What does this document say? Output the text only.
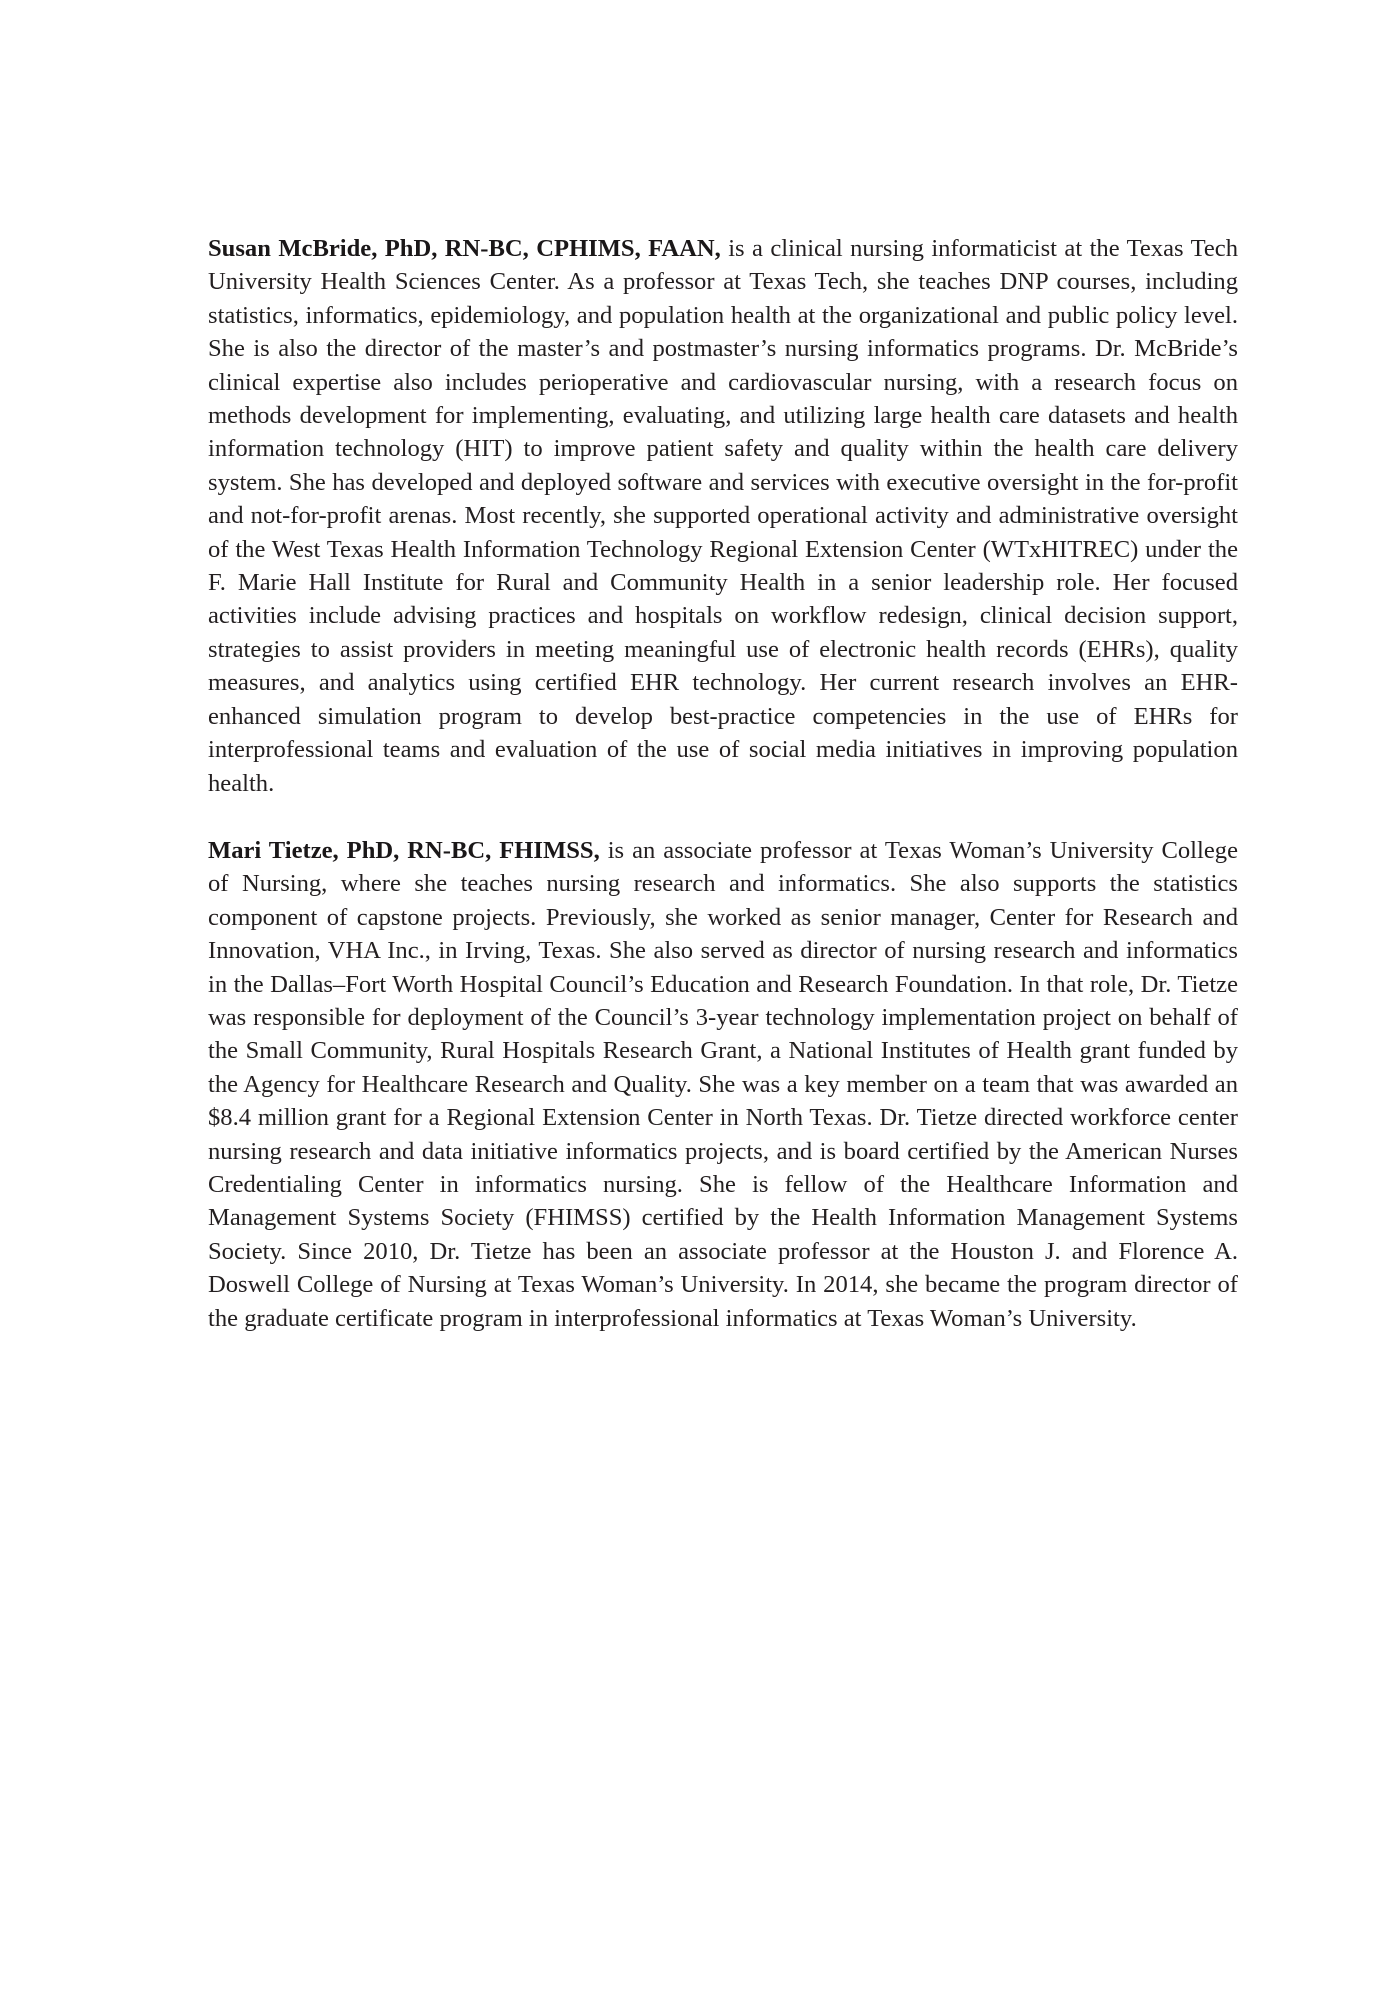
Susan McBride, PhD, RN-BC, CPHIMS, FAAN, is a clinical nursing informaticist at the Texas Tech University Health Sciences Center. As a professor at Texas Tech, she teaches DNP courses, including statistics, informatics, epidemiology, and population health at the organizational and public policy level. She is also the director of the master’s and postmaster’s nursing informatics programs. Dr. McBride’s clinical expertise also includes perioperative and cardiovascular nursing, with a research focus on methods development for implementing, evaluating, and utilizing large health care datasets and health information technology (HIT) to improve patient safety and quality within the health care delivery system. She has developed and deployed software and services with executive oversight in the for-profit and not-for-profit arenas. Most recently, she supported operational activity and administrative oversight of the West Texas Health Information Technology Regional Extension Center (WTxHITREC) under the F. Marie Hall Institute for Rural and Community Health in a senior leadership role. Her focused activities include advising practices and hospitals on workflow redesign, clinical decision support, strategies to assist providers in meeting meaningful use of electronic health records (EHRs), quality measures, and analytics using certified EHR technology. Her current research involves an EHR-enhanced simulation program to develop best-practice competencies in the use of EHRs for interprofessional teams and evaluation of the use of social media initiatives in improving population health.

Mari Tietze, PhD, RN-BC, FHIMSS, is an associate professor at Texas Woman’s University College of Nursing, where she teaches nursing research and informatics. She also supports the statistics component of capstone projects. Previously, she worked as senior manager, Center for Research and Innovation, VHA Inc., in Irving, Texas. She also served as director of nursing research and informatics in the Dallas–Fort Worth Hospital Council’s Education and Research Foundation. In that role, Dr. Tietze was responsible for deployment of the Council’s 3-year technology implementation project on behalf of the Small Community, Rural Hospitals Research Grant, a National Institutes of Health grant funded by the Agency for Healthcare Research and Quality. She was a key member on a team that was awarded an $8.4 million grant for a Regional Extension Center in North Texas. Dr. Tietze directed workforce center nursing research and data initiative informatics projects, and is board certified by the American Nurses Credentialing Center in informatics nursing. She is fellow of the Healthcare Information and Management Systems Society (FHIMSS) certified by the Health Information Management Systems Society. Since 2010, Dr. Tietze has been an associate professor at the Houston J. and Florence A. Doswell College of Nursing at Texas Woman’s University. In 2014, she became the program director of the graduate certificate program in interprofessional informatics at Texas Woman’s University.
